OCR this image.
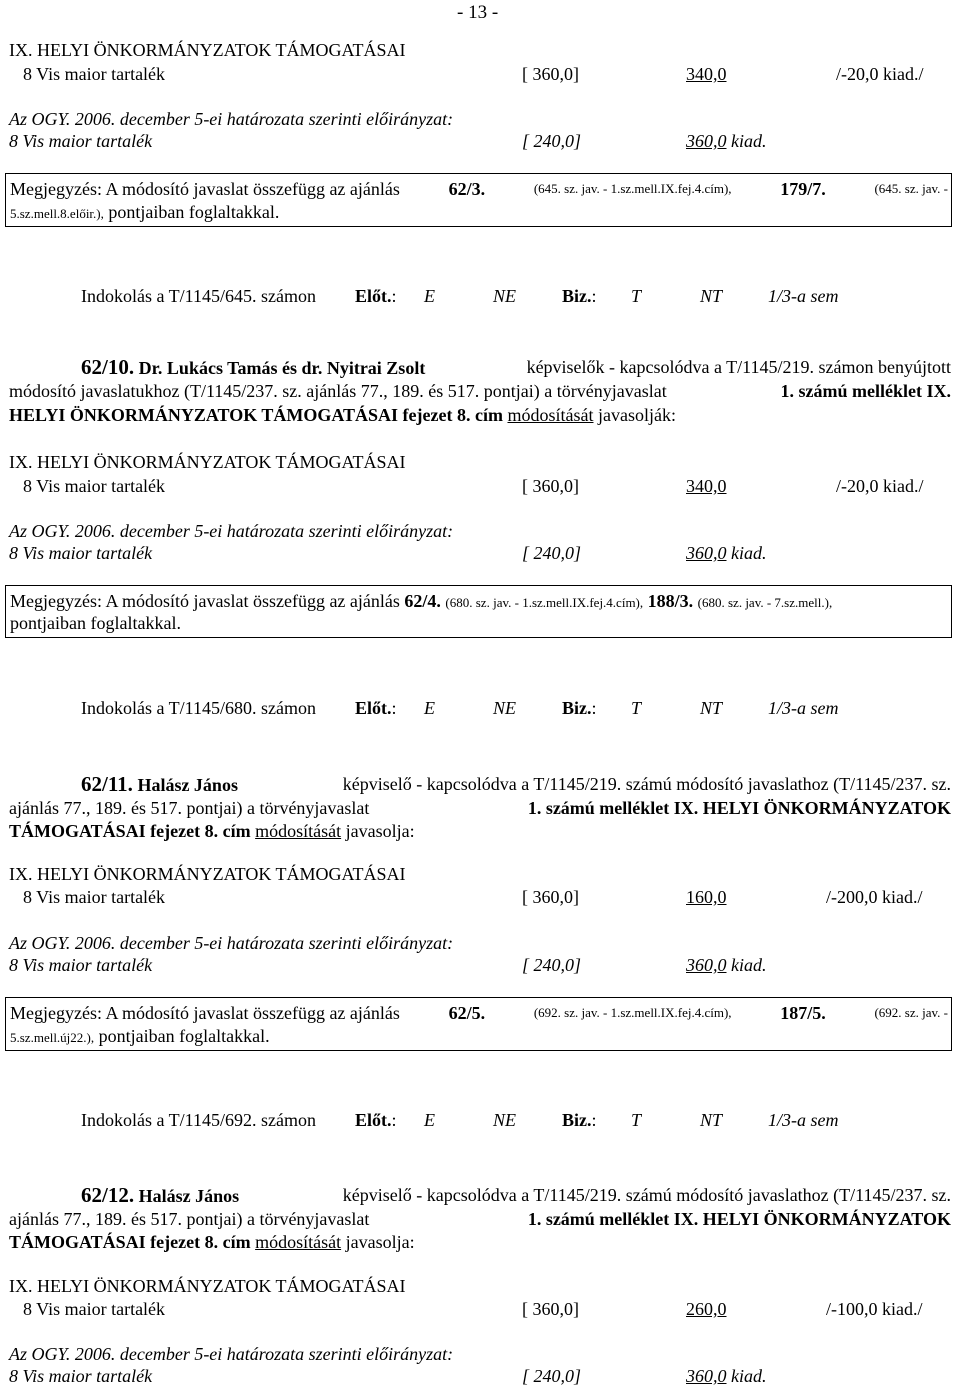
- 13 -
IX. HELYI ÖNKORMÁNYZATOK TÁMOGATÁSAI
8 Vis maior tartalék	[ 360,0]	340,0	/-20,0 kiad./
Az OGY. 2006. december 5-ei határozata szerinti előirányzat:
8 Vis maior tartalék	[ 240,0]	360,0 kiad.
Megjegyzés: A módosító javaslat összefügg az ajánlás	62/3.	(645. sz. jav. - 1.sz.mell.IX.fej.4.cím),	179/7.	(645. sz. jav. -
5.sz.mell.8.előir.), pontjaiban foglaltakkal.
Indokolás a T/1145/645. számon Előt.: E	NE	Biz.: T	NT	1/3-a sem
62/10. Dr. Lukács Tamás és dr. Nyitrai Zsolt	képviselők - kapcsolódva a T/1145/219. számon benyújtott
módosító javaslatukhoz (T/1145/237. sz. ajánlás 77., 189. és 517. pontjai) a törvényjavaslat	1. számú melléklet IX.
HELYI ÖNKORMÁNYZATOK TÁMOGATÁSAI fejezet 8. cím módosítását javasolják:
IX. HELYI ÖNKORMÁNYZATOK TÁMOGATÁSAI
8 Vis maior tartalék	[ 360,0]	340,0	/-20,0 kiad./
Az OGY. 2006. december 5-ei határozata szerinti előirányzat:
8 Vis maior tartalék	[ 240,0]	360,0 kiad.
Megjegyzés: A módosító javaslat összefügg az ajánlás 62/4. (680. sz. jav. - 1.sz.mell.IX.fej.4.cím), 188/3. (680. sz. jav. - 7.sz.mell.),
pontjaiban foglaltakkal.
Indokolás a T/1145/680. számon Előt.: E	NE	Biz.: T	NT	1/3-a sem
62/11. Halász János	képviselő - kapcsolódva a T/1145/219. számú módosító javaslathoz (T/1145/237. sz.
ajánlás 77., 189. és 517. pontjai) a törvényjavaslat	1. számú melléklet IX. HELYI ÖNKORMÁNYZATOK
TÁMOGATÁSAI fejezet 8. cím módosítását javasolja:
IX. HELYI ÖNKORMÁNYZATOK TÁMOGATÁSAI
8 Vis maior tartalék	[ 360,0]	160,0	/-200,0 kiad./
Az OGY. 2006. december 5-ei határozata szerinti előirányzat:
8 Vis maior tartalék	[ 240,0]	360,0 kiad.
Megjegyzés: A módosító javaslat összefügg az ajánlás	62/5.	(692. sz. jav. - 1.sz.mell.IX.fej.4.cím),	187/5.	(692. sz. jav. -
5.sz.mell.új22.), pontjaiban foglaltakkal.
Indokolás a T/1145/692. számon Előt.: E	NE	Biz.: T	NT	1/3-a sem
62/12. Halász János	képviselő - kapcsolódva a T/1145/219. számú módosító javaslathoz (T/1145/237. sz.
ajánlás 77., 189. és 517. pontjai) a törvényjavaslat	1. számú melléklet IX. HELYI ÖNKORMÁNYZATOK
TÁMOGATÁSAI fejezet 8. cím módosítását javasolja:
IX. HELYI ÖNKORMÁNYZATOK TÁMOGATÁSAI
8 Vis maior tartalék	[ 360,0]	260,0	/-100,0 kiad./
Az OGY. 2006. december 5-ei határozata szerinti előirányzat:
8 Vis maior tartalék	[ 240,0]	360,0 kiad.
